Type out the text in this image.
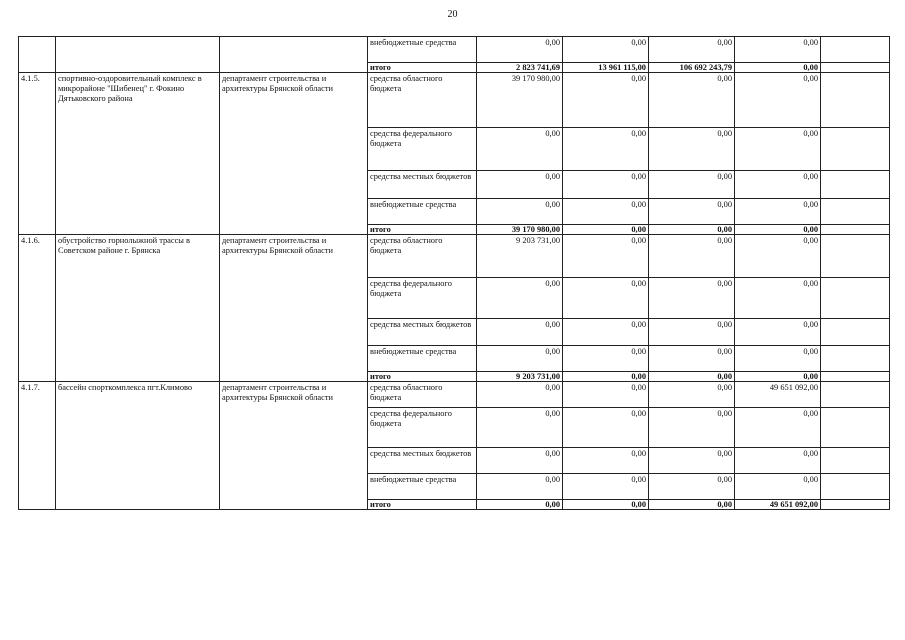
20
			внебюджетные средства	0,00	0,00	0,00	0,00	
			итого	2 823 741,69	13 961 115,00	106 692 243,79	0,00	
4.1.5.	спортивно-оздоровительный комплекс в микрорайоне "Шибенец" г. Фокино Дятьковского района	департамент строительства и архитектуры Брянской области	средства областного бюджета	39 170 980,00	0,00	0,00	0,00	
			средства федерального бюджета	0,00	0,00	0,00	0,00	
			средства местных бюджетов	0,00	0,00	0,00	0,00	
			внебюджетные средства	0,00	0,00	0,00	0,00	
			итого	39 170 980,00	0,00	0,00	0,00	
4.1.6.	обустройство горнолыжной трассы в Советском районе г. Брянска	департамент строительства и архитектуры Брянской области	средства областного бюджета	9 203 731,00	0,00	0,00	0,00	
			средства федерального бюджета	0,00	0,00	0,00	0,00	
			средства местных бюджетов	0,00	0,00	0,00	0,00	
			внебюджетные средства	0,00	0,00	0,00	0,00	
			итого	9 203 731,00	0,00	0,00	0,00	
4.1.7.	бассейн спорткомплекса пгт.Климово	департамент строительства и архитектуры Брянской области	средства областного бюджета	0,00	0,00	0,00	49 651 092,00	
			средства федерального бюджета	0,00	0,00	0,00	0,00	
			средства местных бюджетов	0,00	0,00	0,00	0,00	
			внебюджетные средства	0,00	0,00	0,00	0,00	
			итого	0,00	0,00	0,00	49 651 092,00	
